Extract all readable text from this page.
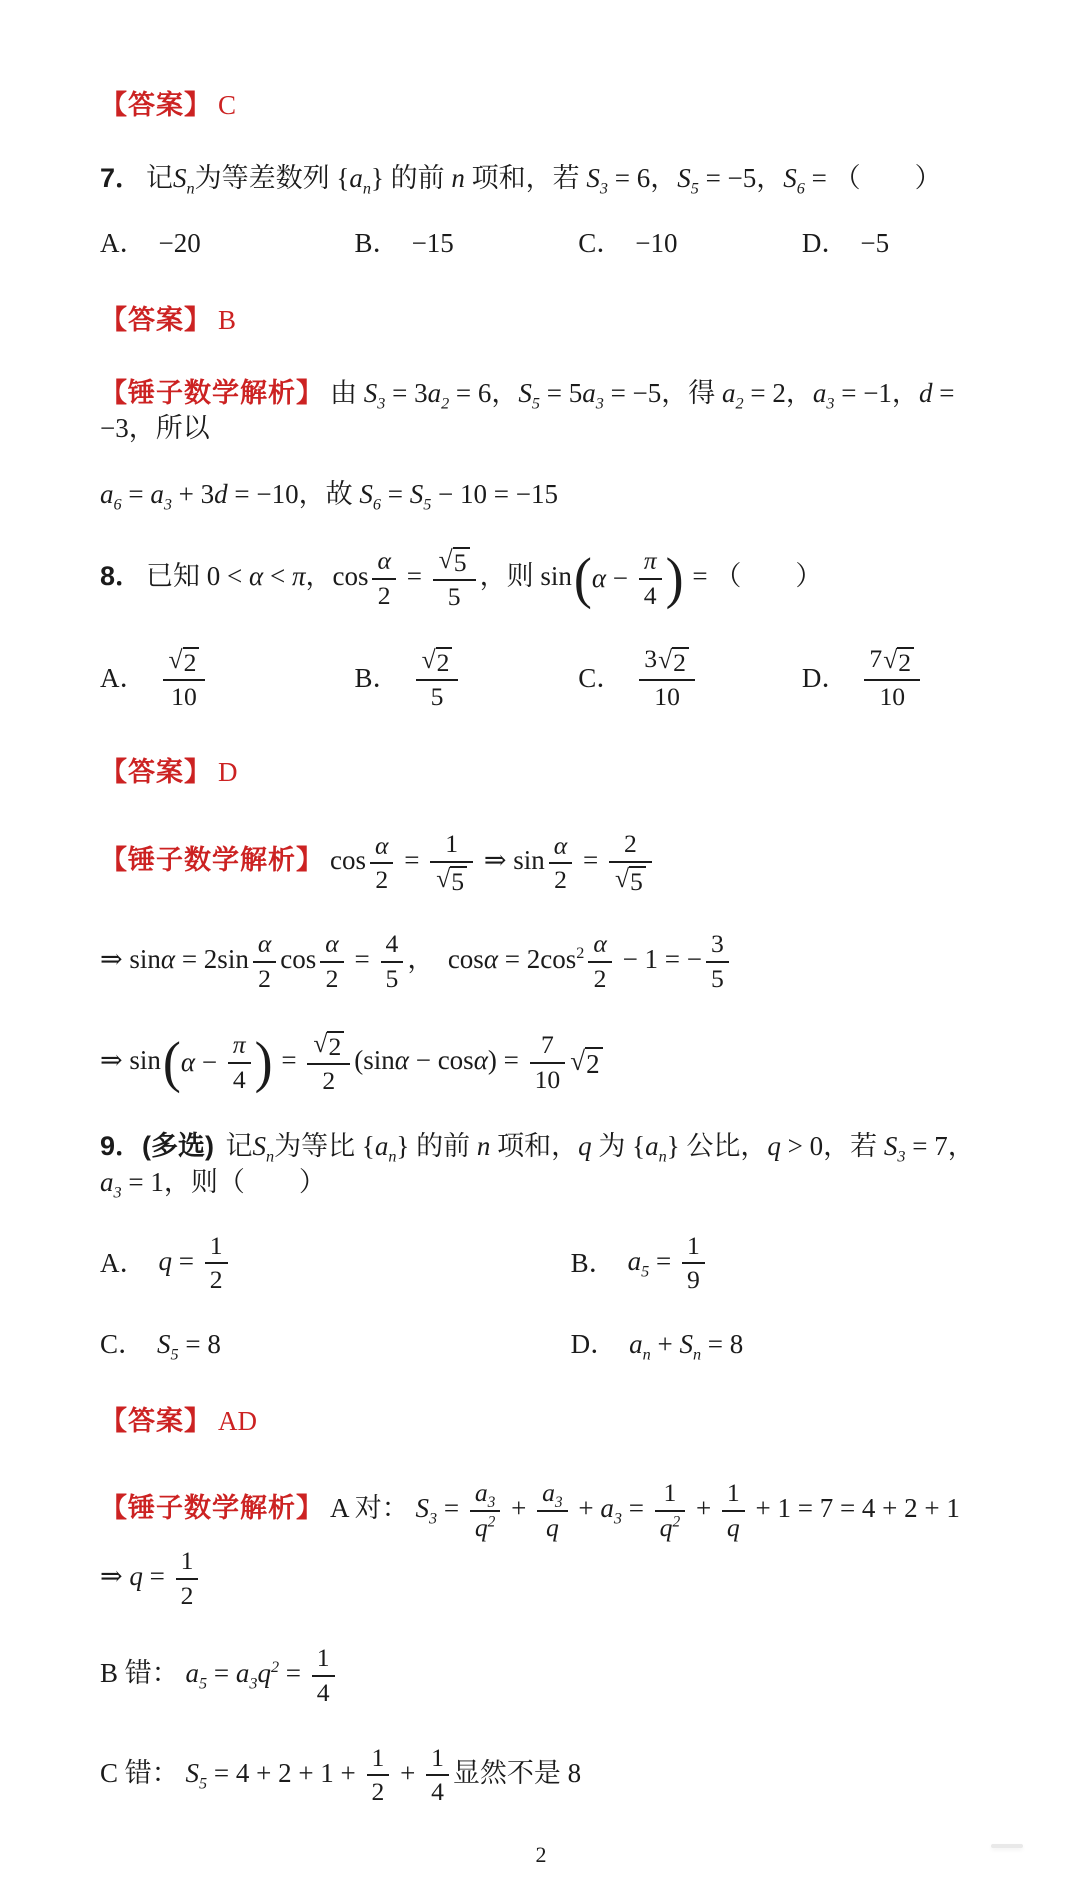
【答案】 C
7． 记$S_n$为等差数列 $\{a_n\}$ 的前 n 项和，若 $S_3 = 6$，$S_5 = -5$，$S_6$ = （　　）
A． −20	B． −15	C． −10	D． −5
【答案】 B
【锤子数学解析】 由 $S_3 = 3a_2 = 6$，$S_5 = 5a_3 = -5$，得 $a_2 = 2$，$a_3 = -1$，d = −3，所以
$a_6 = a_3 + 3d = -10$，故 $S_6 = S_5 - 10 = -15$
8． 已知 0 < α < π，$\cos \frac{\alpha}{2} = \frac{√ 5}{5}$ ，则 sin ( $\alpha - \frac{\pi}{4}$ ) = （　　）
A． $\frac{√ 2}{10}$	B． $\frac{√ 2}{5}$	C． $\frac{3 √ 2}{10}$	D． $\frac{7 √ 2}{10}$
【答案】 D
【锤子数学解析】 $\cos \frac{\alpha}{2} = \frac{1}{√ 5}$ ⇒ $\sin \frac{\alpha}{2} = \frac{2}{√ 5}$
⇒ $\sin\alpha = 2\sin \frac{\alpha}{2}$ $\cos \frac{\alpha}{2} = \frac{4}{5}$ ，  $\cos\alpha = 2\cos^2 \frac{\alpha}{2} - 1$ = − $\frac{3}{5}$
⇒ sin ( $\alpha - \frac{\pi}{4}$ ) = $\frac{√ 2}{2} (\sin\alpha - \cos\alpha) = \frac{7}{10}$ √ 2
9．(多选) 记$S_n$为等比 $\{a_n\}$ 的前 n 项和，q 为 $\{a_n\}$ 公比，q > 0，若 $S_3 = 7$，$a_3 = 1$，则（　　）
A． $q = \frac{1}{2}$	B． $a_5 = \frac{1}{9}$
C． $S_5 = 8$	D． $a_n + S_n = 8$
【答案】 AD
【锤子数学解析】 A 对： $S_3 = \frac{a_3}{q^2} + \frac{a_3}{q} + a_3 = \frac{1}{q^2} + \frac{1}{q} + 1 = 7 = 4 + 2 + 1$ ⇒ $q = \frac{1}{2}$
B 错： $a_5 = a_3q^2 = \frac{1}{4}$
C 错： $S_5 = 4 + 2 + 1 + \frac{1}{2} + \frac{1}{4}$ 显然不是 8
2
